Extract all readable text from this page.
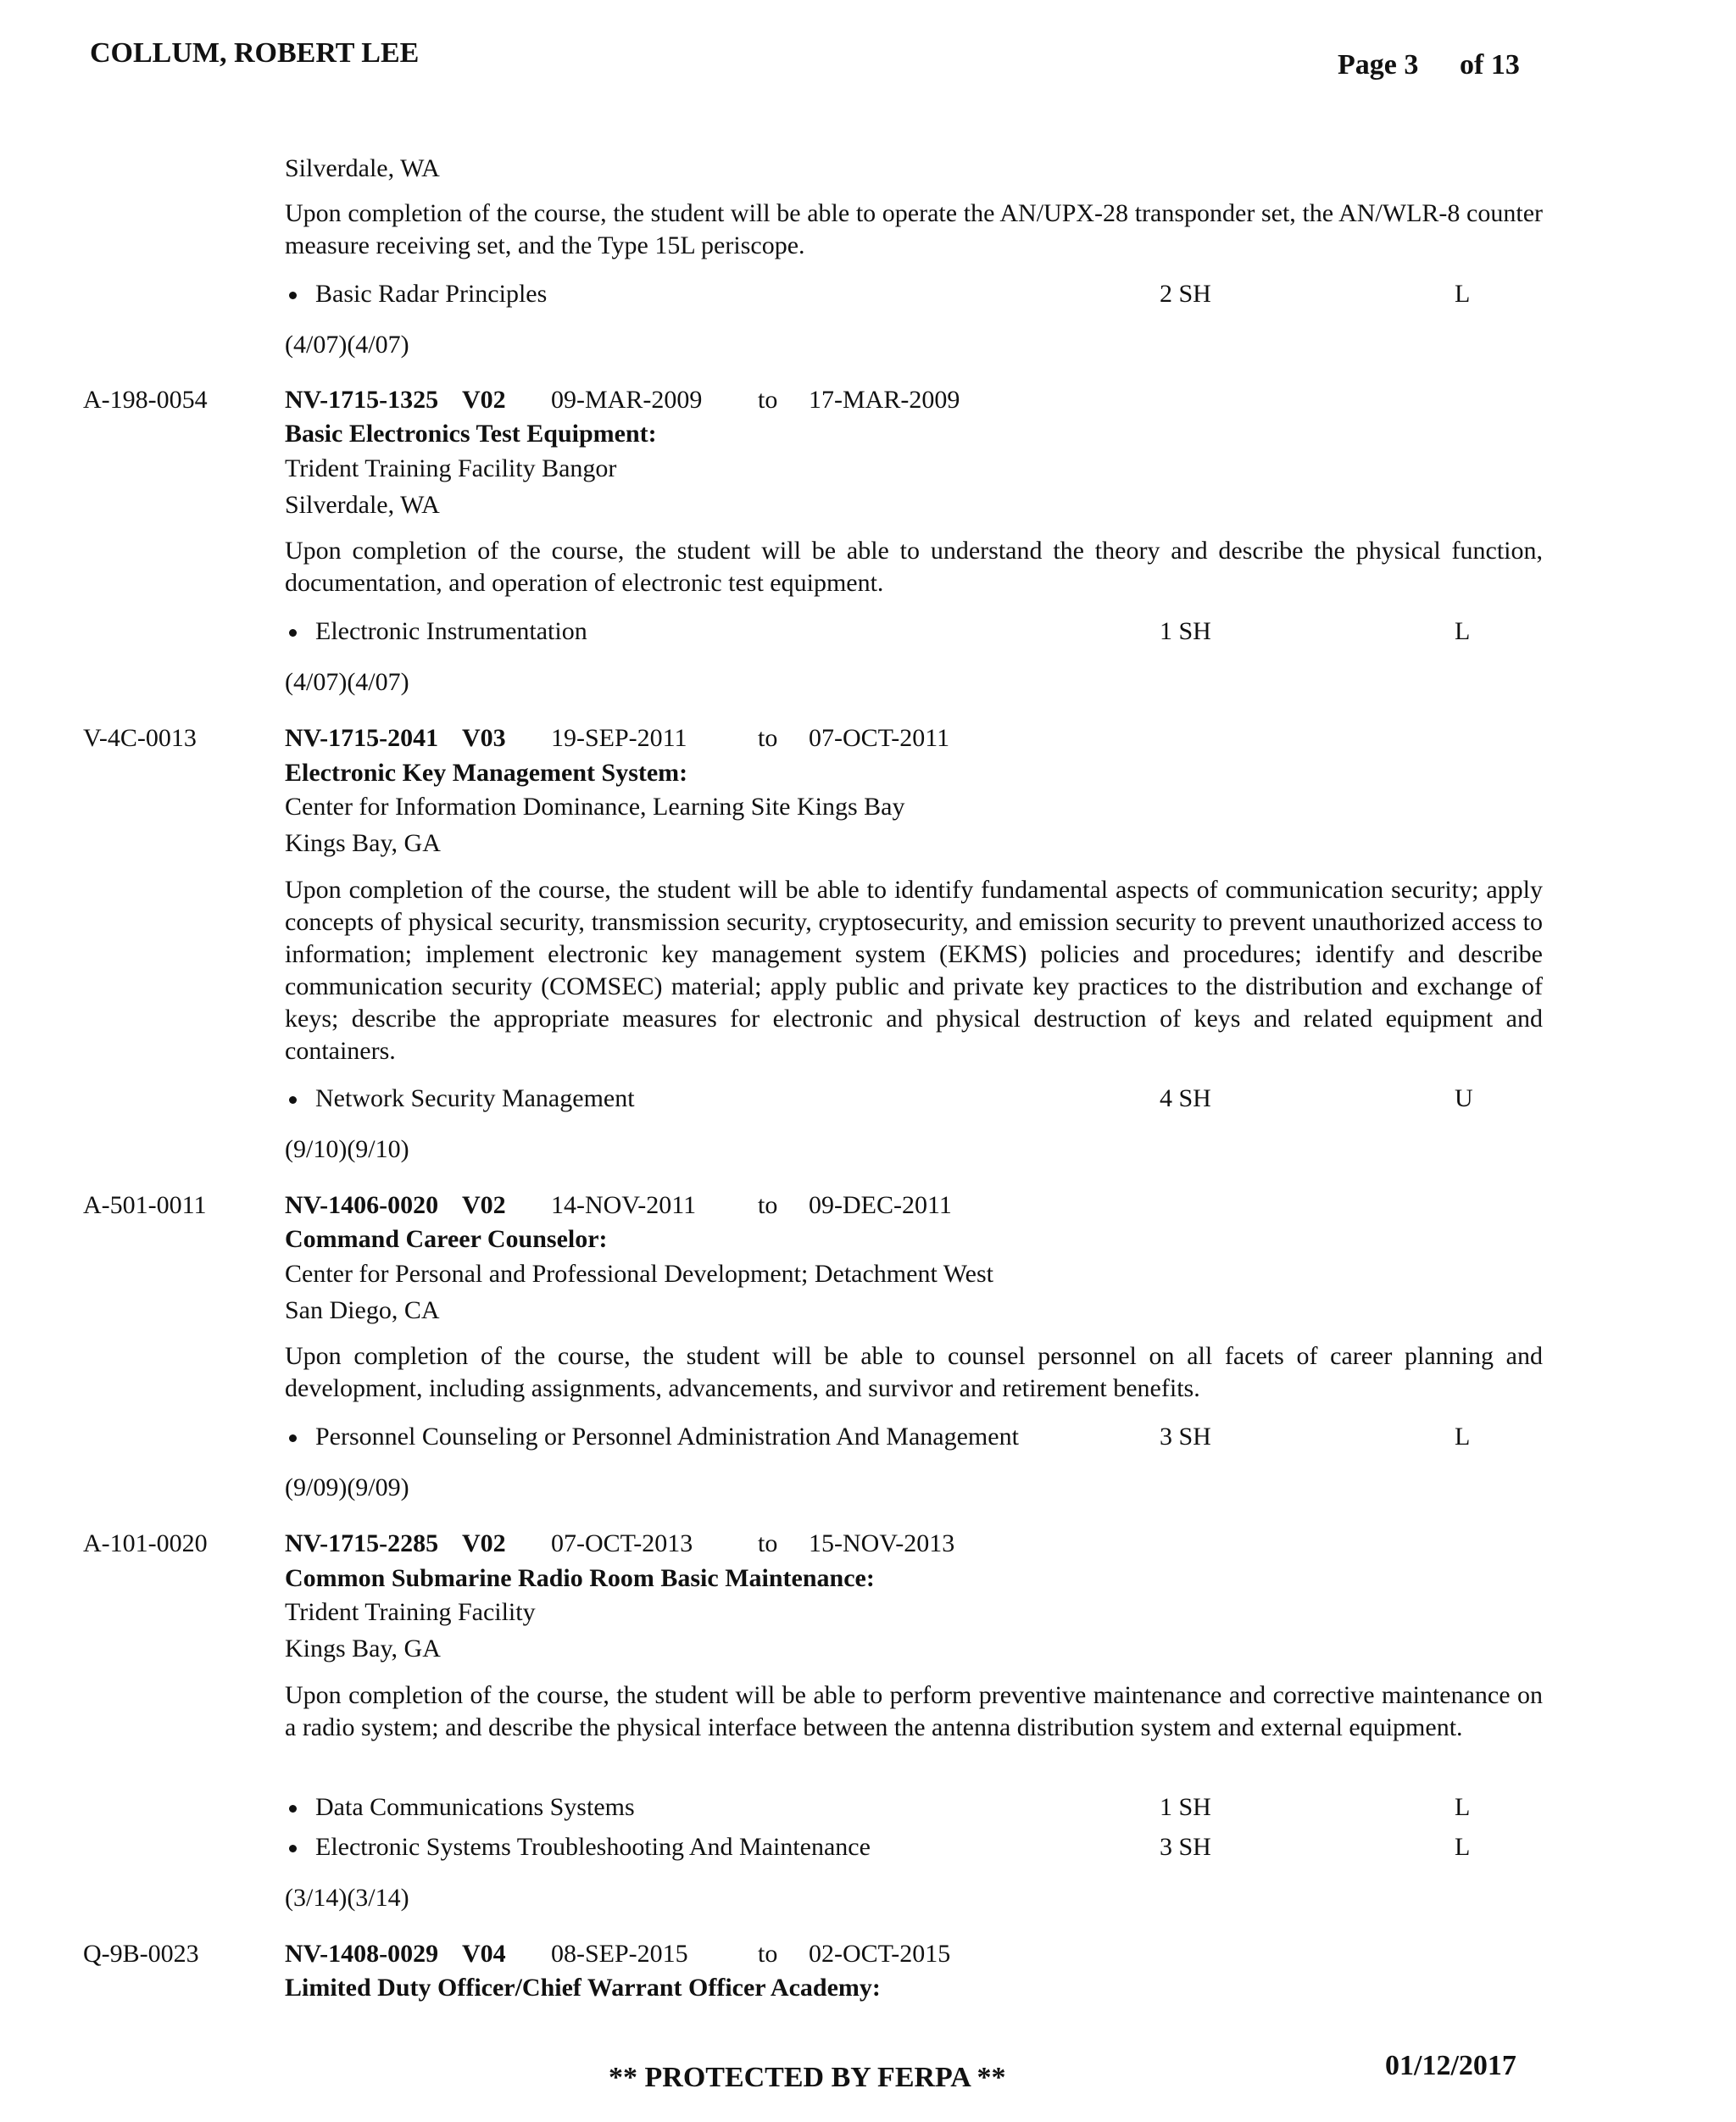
COLLUM, ROBERT LEE	Page 3 of 13
Silverdale, WA
Upon completion of the course, the student will be able to operate the AN/UPX-28 transponder set, the AN/WLR-8 counter measure receiving set, and the Type 15L periscope.
Basic Radar Principles	2 SH	L
(4/07)(4/07)
A-198-0054	NV-1715-1325 V02 09-MAR-2009 to 17-MAR-2009
Basic Electronics Test Equipment:
Trident Training Facility Bangor
Silverdale, WA
Upon completion of the course, the student will be able to understand the theory and describe the physical function, documentation, and operation of electronic test equipment.
Electronic Instrumentation	1 SH	L
(4/07)(4/07)
V-4C-0013	NV-1715-2041 V03 19-SEP-2011	to 07-OCT-2011
Electronic Key Management System:
Center for Information Dominance, Learning Site Kings Bay
Kings Bay, GA
Upon completion of the course, the student will be able to identify fundamental aspects of communication security; apply concepts of physical security, transmission security, cryptosecurity, and emission security to prevent unauthorized access to information; implement electronic key management system (EKMS) policies and procedures; identify and describe communication security (COMSEC) material; apply public and private key practices to the distribution and exchange of keys; describe the appropriate measures for electronic and physical destruction of keys and related equipment and containers.
Network Security Management	4 SH	U
(9/10)(9/10)
A-501-0011	NV-1406-0020 V02 14-NOV-2011 to 09-DEC-2011
Command Career Counselor:
Center for Personal and Professional Development; Detachment West
San Diego, CA
Upon completion of the course, the student will be able to counsel personnel on all facets of career planning and development, including assignments, advancements, and survivor and retirement benefits.
Personnel Counseling or Personnel Administration And Management	3 SH	L
(9/09)(9/09)
A-101-0020	NV-1715-2285 V02 07-OCT-2013	to 15-NOV-2013
Common Submarine Radio Room Basic Maintenance:
Trident Training Facility
Kings Bay, GA
Upon completion of the course, the student will be able to perform preventive maintenance and corrective maintenance on a radio system; and describe the physical interface between the antenna distribution system and external equipment.
Data Communications Systems	1 SH	L
Electronic Systems Troubleshooting And Maintenance	3 SH	L
(3/14)(3/14)
Q-9B-0023	NV-1408-0029 V04 08-SEP-2015	to 02-OCT-2015
Limited Duty Officer/Chief Warrant Officer Academy:
01/12/2017
** PROTECTED BY FERPA **
